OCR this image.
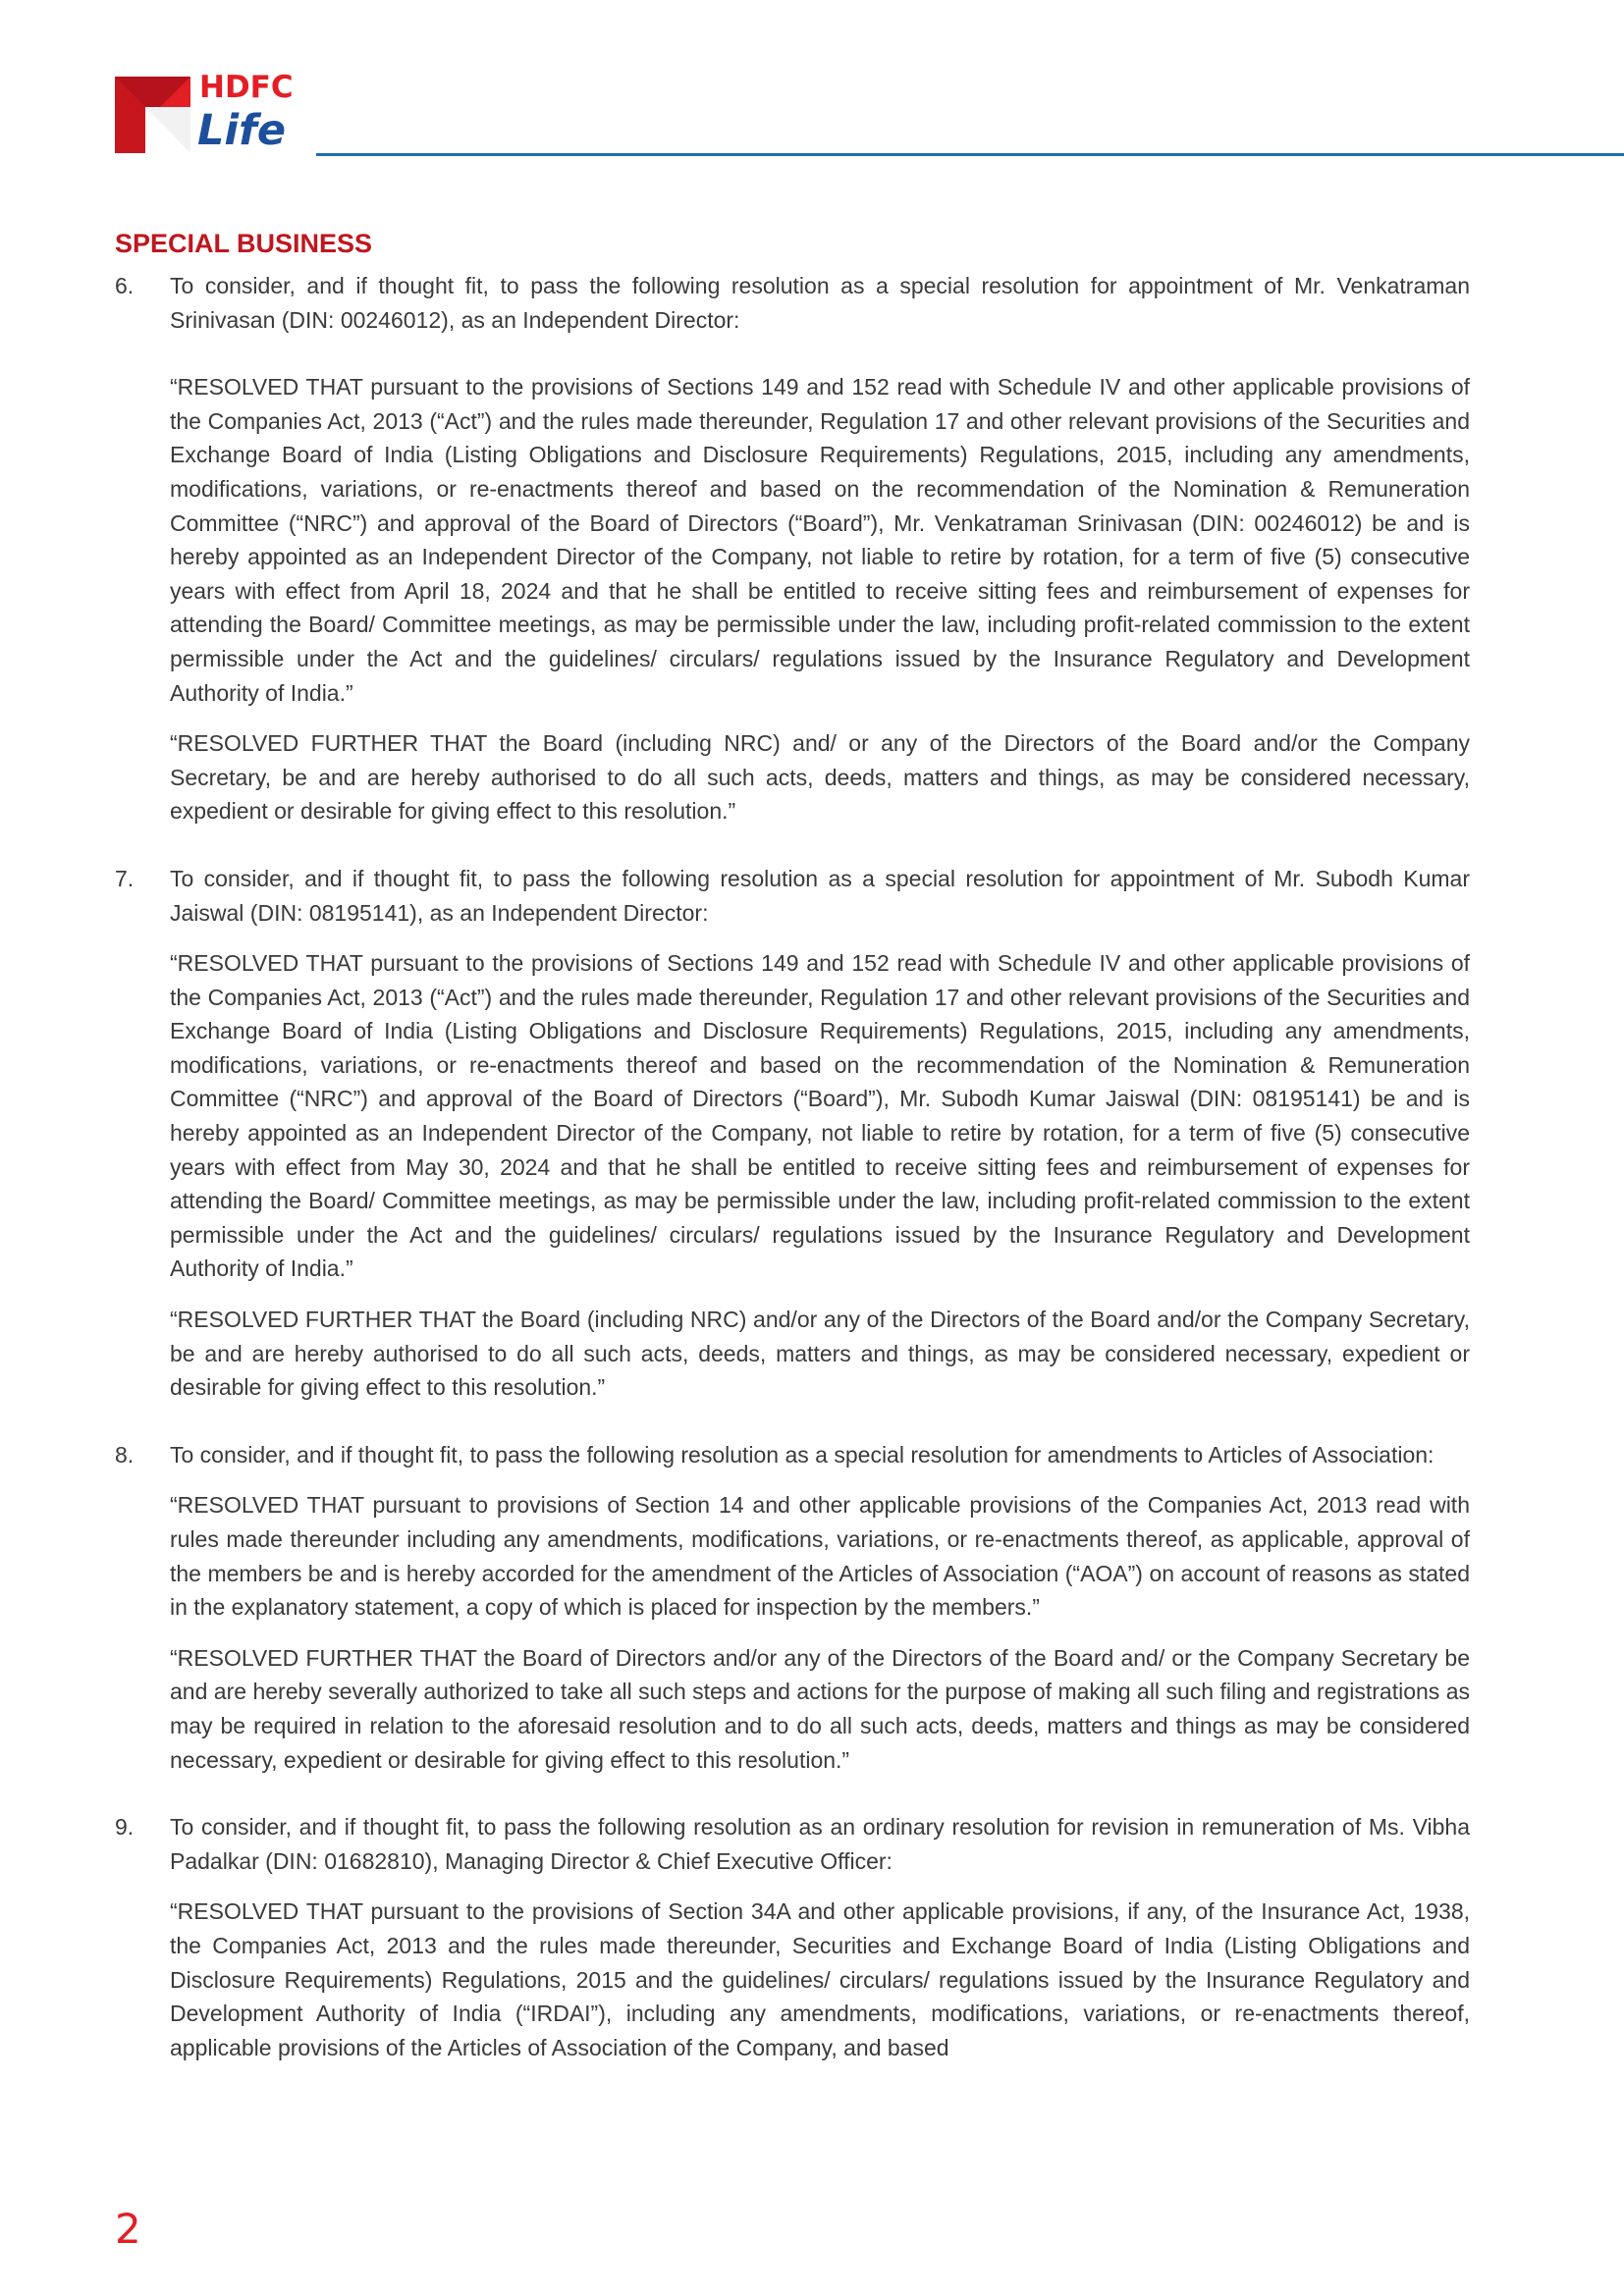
HDFC
Life
SPECIAL BUSINESS
6. To consider, and if thought fit, to pass the following resolution as a special resolution for appointment of Mr. Venkatraman Srinivasan (DIN: 00246012), as an Independent Director:

“RESOLVED THAT pursuant to the provisions of Sections 149 and 152 read with Schedule IV and other applicable provisions of the Companies Act, 2013 (“Act”) and the rules made thereunder, Regulation 17 and other relevant provisions of the Securities and Exchange Board of India (Listing Obligations and Disclosure Requirements) Regulations, 2015, including any amendments, modifications, variations, or re-enactments thereof and based on the recommendation of the Nomination & Remuneration Committee (“NRC”) and approval of the Board of Directors (“Board”), Mr. Venkatraman Srinivasan (DIN: 00246012) be and is hereby appointed as an Independent Director of the Company, not liable to retire by rotation, for a term of five (5) consecutive years with effect from April 18, 2024 and that he shall be entitled to receive sitting fees and reimbursement of expenses for attending the Board/ Committee meetings, as may be permissible under the law, including profit-related commission to the extent permissible under the Act and the guidelines/ circulars/ regulations issued by the Insurance Regulatory and Development Authority of India.”

“RESOLVED FURTHER THAT the Board (including NRC) and/ or any of the Directors of the Board and/or the Company Secretary, be and are hereby authorised to do all such acts, deeds, matters and things, as may be considered necessary, expedient or desirable for giving effect to this resolution.”

7. To consider, and if thought fit, to pass the following resolution as a special resolution for appointment of Mr. Subodh Kumar Jaiswal (DIN: 08195141), as an Independent Director:

“RESOLVED THAT pursuant to the provisions of Sections 149 and 152 read with Schedule IV and other applicable provisions of the Companies Act, 2013 (“Act”) and the rules made thereunder, Regulation 17 and other relevant provisions of the Securities and Exchange Board of India (Listing Obligations and Disclosure Requirements) Regulations, 2015, including any amendments, modifications, variations, or re-enactments thereof and based on the recommendation of the Nomination & Remuneration Committee (“NRC”) and approval of the Board of Directors (“Board”), Mr. Subodh Kumar Jaiswal (DIN: 08195141) be and is hereby appointed as an Independent Director of the Company, not liable to retire by rotation, for a term of five (5) consecutive years with effect from May 30, 2024 and that he shall be entitled to receive sitting fees and reimbursement of expenses for attending the Board/ Committee meetings, as may be permissible under the law, including profit-related commission to the extent permissible under the Act and the guidelines/ circulars/ regulations issued by the Insurance Regulatory and Development Authority of India.”

“RESOLVED FURTHER THAT the Board (including NRC) and/or any of the Directors of the Board and/or the Company Secretary, be and are hereby authorised to do all such acts, deeds, matters and things, as may be considered necessary, expedient or desirable for giving effect to this resolution.”

8. To consider, and if thought fit, to pass the following resolution as a special resolution for amendments to Articles of Association:

“RESOLVED THAT pursuant to provisions of Section 14 and other applicable provisions of the Companies Act, 2013 read with rules made thereunder including any amendments, modifications, variations, or re-enactments thereof, as applicable, approval of the members be and is hereby accorded for the amendment of the Articles of Association (“AOA”) on account of reasons as stated in the explanatory statement, a copy of which is placed for inspection by the members.”

“RESOLVED FURTHER THAT the Board of Directors and/or any of the Directors of the Board and/ or the Company Secretary be and are hereby severally authorized to take all such steps and actions for the purpose of making all such filing and registrations as may be required in relation to the aforesaid resolution and to do all such acts, deeds, matters and things as may be considered necessary, expedient or desirable for giving effect to this resolution.”

9. To consider, and if thought fit, to pass the following resolution as an ordinary resolution for revision in remuneration of Ms. Vibha Padalkar (DIN: 01682810), Managing Director & Chief Executive Officer:

“RESOLVED THAT pursuant to the provisions of Section 34A and other applicable provisions, if any, of the Insurance Act, 1938, the Companies Act, 2013 and the rules made thereunder, Securities and Exchange Board of India (Listing Obligations and Disclosure Requirements) Regulations, 2015 and the guidelines/ circulars/ regulations issued by the Insurance Regulatory and Development Authority of India (“IRDAI”), including any amendments, modifications, variations, or re-enactments thereof, applicable provisions of the Articles of Association of the Company, and based

2
